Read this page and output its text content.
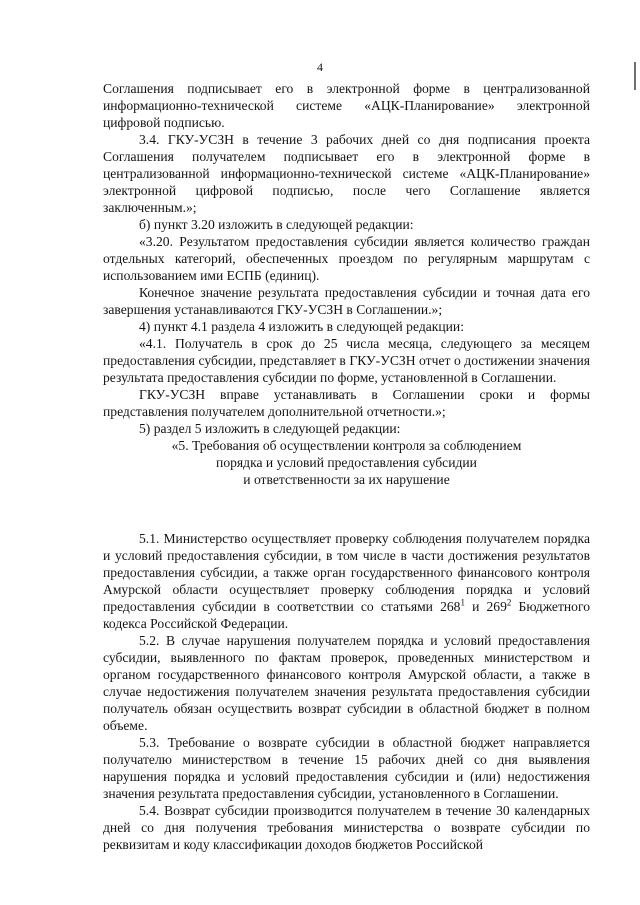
4

Соглашения подписывает его в электронной форме в централизованной информационно-технической системе «АЦК-Планирование» электронной цифровой подписью.

3.4. ГКУ-УСЗН в течение 3 рабочих дней со дня подписания проекта Соглашения получателем подписывает его в электронной форме в централизованной информационно-технической системе «АЦК-Планирование» электронной цифровой подписью, после чего Соглашение является заключенным.»;

б) пункт 3.20 изложить в следующей редакции:

«3.20. Результатом предоставления субсидии является количество граждан отдельных категорий, обеспеченных проездом по регулярным маршрутам с использованием ими ЕСПБ (единиц).

Конечное значение результата предоставления субсидии и точная дата его завершения устанавливаются ГКУ-УСЗН в Соглашении.»;

4) пункт 4.1 раздела 4 изложить в следующей редакции:

«4.1. Получатель в срок до 25 числа месяца, следующего за месяцем предоставления субсидии, представляет в ГКУ-УСЗН отчет о достижении значения результата предоставления субсидии по форме, установленной в Соглашении.

ГКУ-УСЗН вправе устанавливать в Соглашении сроки и формы представления получателем дополнительной отчетности.»;

5) раздел 5 изложить в следующей редакции:

«5. Требования об осуществлении контроля за соблюдением
порядка и условий предоставления субсидии
и ответственности за их нарушение

5.1. Министерство осуществляет проверку соблюдения получателем порядка и условий предоставления субсидии, в том числе в части достижения результатов предоставления субсидии, а также орган государственного финансового контроля Амурской области осуществляет проверку соблюдения порядка и условий предоставления субсидии в соответствии со статьями $268^1$ и $269^2$ Бюджетного кодекса Российской Федерации.

5.2. В случае нарушения получателем порядка и условий предоставления субсидии, выявленного по фактам проверок, проведенных министерством и органом государственного финансового контроля Амурской области, а также в случае недостижения получателем значения результата предоставления субсидии получатель обязан осуществить возврат субсидии в областной бюджет в полном объеме.

5.3. Требование о возврате субсидии в областной бюджет направляется получателю министерством в течение 15 рабочих дней со дня выявления нарушения порядка и условий предоставления субсидии и (или) недостижения значения результата предоставления субсидии, установленного в Соглашении.

5.4. Возврат субсидии производится получателем в течение 30 календарных дней со дня получения требования министерства о возврате субсидии по реквизитам и коду классификации доходов бюджетов Российской
